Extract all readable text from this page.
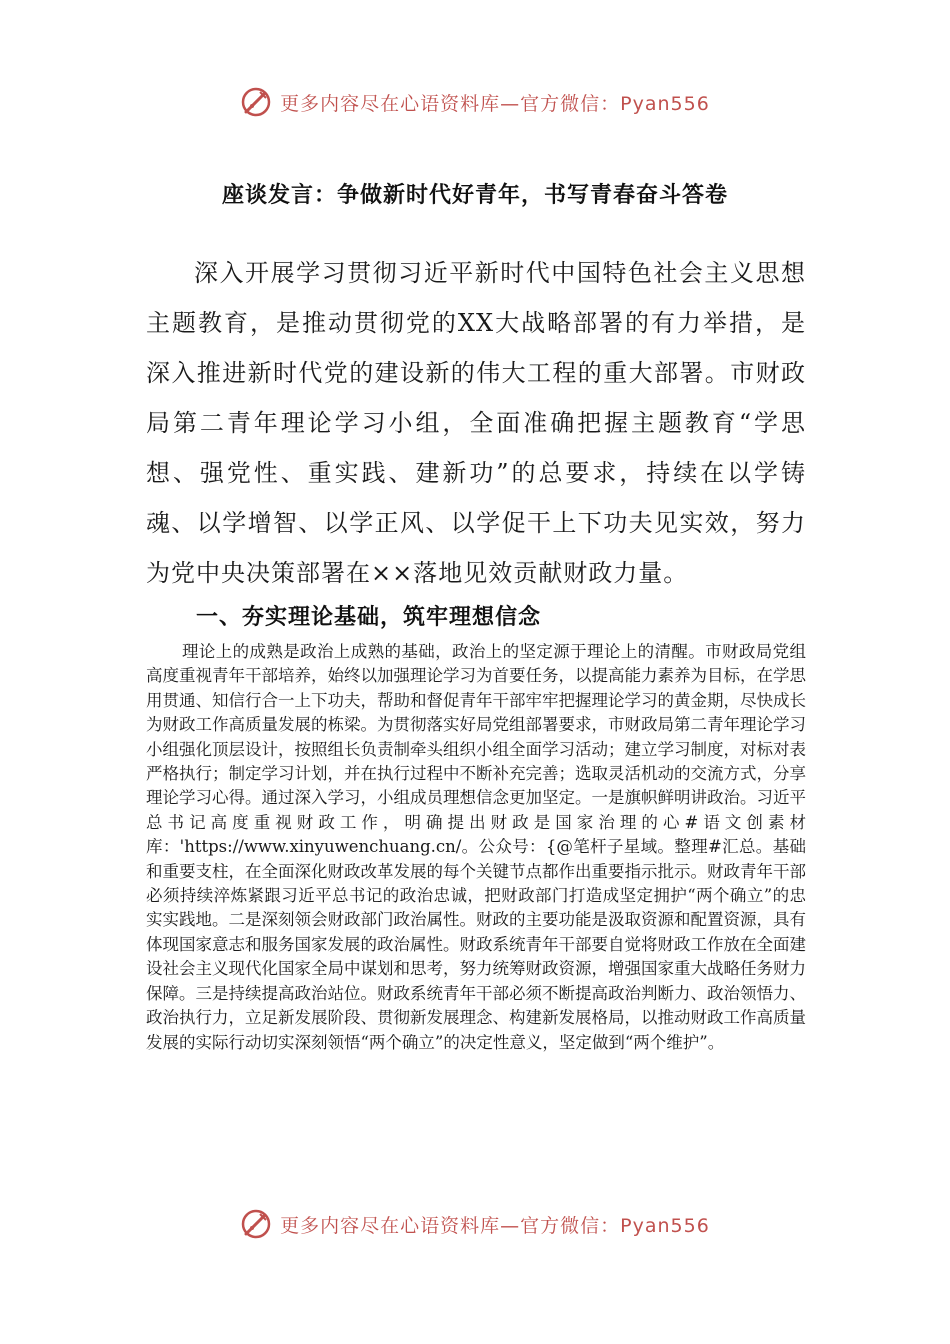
更多内容尽在心语资料库—官方微信：Pyan556
座谈发言：争做新时代好青年，书写青春奋斗答卷

深入开展学习贯彻习近平新时代中国特色社会主义思想主题教育，是推动贯彻党的XX大战略部署的有力举措，是深入推进新时代党的建设新的伟大工程的重大部署。市财政局第二青年理论学习小组，全面准确把握主题教育“学思想、强党性、重实践、建新功”的总要求，持续在以学铸魂、以学增智、以学正风、以学促干上下功夫见实效，努力为党中央决策部署在××落地见效贡献财政力量。

一、夯实理论基础，筑牢理想信念

理论上的成熟是政治上成熟的基础，政治上的坚定源于理论上的清醒。市财政局党组高度重视青年干部培养，始终以加强理论学习为首要任务，以提高能力素养为目标，在学思用贯通、知信行合一上下功夫，帮助和督促青年干部牢牢把握理论学习的黄金期，尽快成长为财政工作高质量发展的栋梁。为贯彻落实好局党组部署要求，市财政局第二青年理论学习小组强化顶层设计，按照组长负责制牵头组织小组全面学习活动；建立学习制度，对标对表严格执行；制定学习计划，并在执行过程中不断补充完善；选取灵活机动的交流方式，分享理论学习心得。通过深入学习，小组成员理想信念更加坚定。一是旗帜鲜明讲政治。习近平总书记高度重视财政工作，明确提出财政是国家治理的心#语文创素材库：'https://www.xinyuwenchuang.cn/。公众号：{@笔杆子星域。整理#汇总。基础和重要支柱，在全面深化财政改革发展的每个关键节点都作出重要指示批示。财政青年干部必须持续淬炼紧跟习近平总书记的政治忠诚，把财政部门打造成坚定拥护“两个确立”的忠实实践地。二是深刻领会财政部门政治属性。财政的主要功能是汲取资源和配置资源，具有体现国家意志和服务国家发展的政治属性。财政系统青年干部要自觉将财政工作放在全面建设社会主义现代化国家全局中谋划和思考，努力统筹财政资源，增强国家重大战略任务财力保障。三是持续提高政治站位。财政系统青年干部必须不断提高政治判断力、政治领悟力、政治执行力，立足新发展阶段、贯彻新发展理念、构建新发展格局，以推动财政工作高质量发展的实际行动切实深刻领悟“两个确立”的决定性意义，坚定做到“两个维护”。

更多内容尽在心语资料库—官方微信：Pyan556
